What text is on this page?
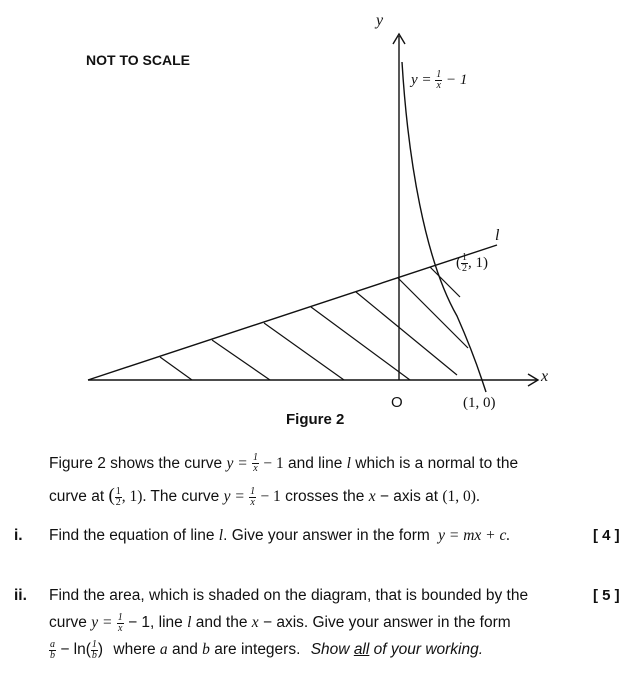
NOT TO SCALE
y
x
O
$y = \frac{1}{x} - 1$
l
( $\frac{1}{2}$ , 1)
(1, 0)
Figure 2
Figure 2 shows the curve $y = \frac{1}{x} - 1$ and line l which is a normal to the
curve at ( $\frac{1}{2}$ , 1). The curve $y = \frac{1}{x} - 1$ crosses the x − axis at (1, 0).
i. Find the equation of line l. Give your answer in the form y = mx + c.	[ 4 ]
ii. Find the area, which is shaded on the diagram, that is bounded by the
curve $y = \frac{1}{x} - 1$, line l and the x − axis. Give your answer in the form
$\frac{a}{b} - \ln( \frac{1}{b}$ ) where a and b are integers. Show all of your working.
[ 5 ]
